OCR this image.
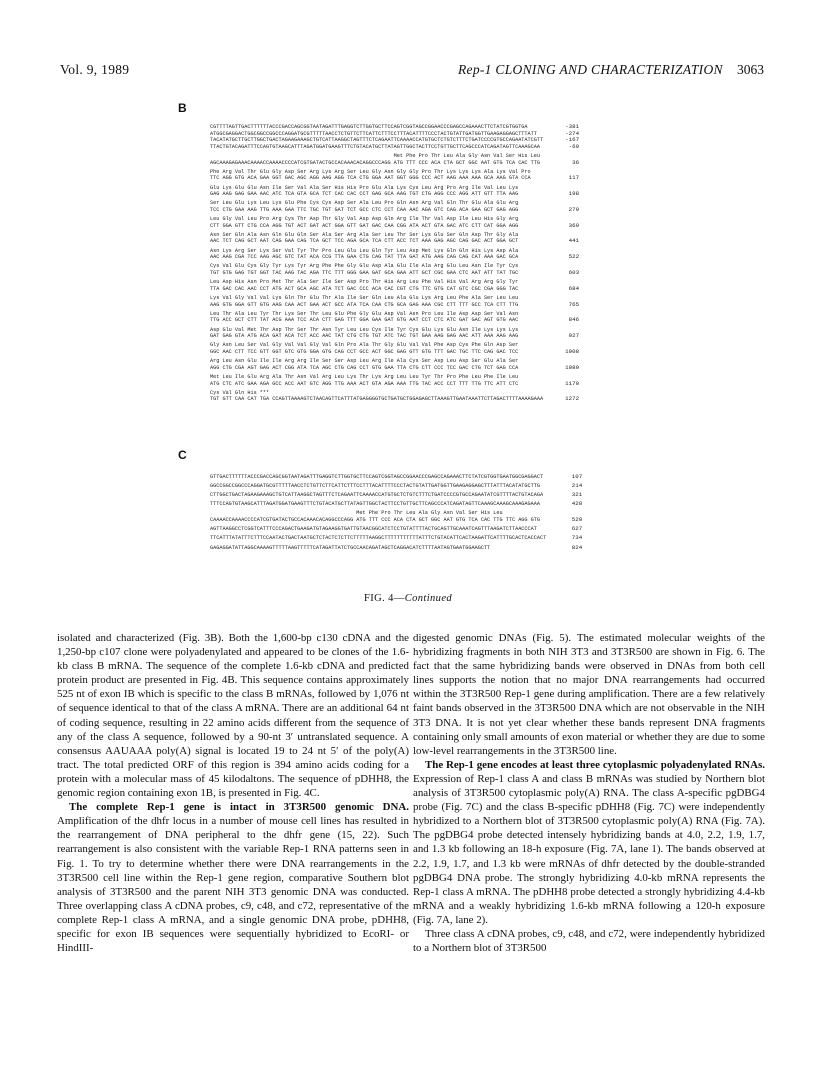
Vol. 9, 1989	Rep-1 CLONING AND CHARACTERIZATION 3063
B
CGTTTTAGTTGACTTTTTTACCCGACCAGCGGTAATAGATTTGAGGTCTTGGTGCTTCCAGTCGGTAGCCGGAACCCGAGCCAGAAACTTCTATCGTGGTGA	-381
ATGGCGAGGACTGGCGGCCGGCCCAGGATGCGTTTTTAACCTCTGTTCTTCATTCTTTCCTTTACATTTTCCCTACTGTATTGATGGTTGAAGAGGAGCTTTATT	-274
TACATATGCTTGCTTGGCTGACTAGAAGAAAGCTGTCATTAAGGCTAGTTTCTCAGAATTCAAAACCATGTGCTCTGTCTTTCTGATCCCCGTGCCAGAATATCGTT	-167
TTACTGTACAGATTTCCAGTGTAAGCATTTAGATGGATGAAGTTTCTGTACATGCTTATAGTTGGCTACTTCCTGTTGCTTCAGCCCATCAGATAGTTCAAAGCAA	-60
Met Phe Pro Thr Leu Ala Gly Asn Val Ser His Leu
AGCAAAGAGAAACAAAACCAAAACCCCATCGTGATACTGCCACAAACACAGGCCCAGG ATG TTT CCC ACA CTA GCT GGC AAT GTG TCA CAC TTG	36
Phe Arg Val Thr Glu Gly Asp Ser Arg Lys Arg Ser Leu Gly Asn Gly Gly Pro Thr Lys Lys Lys Ala Lys Val Pro
TTC AGG GTG ACA GAA GGT GAC AGC AGG AAG AGG TCA CTG GGA AAT GGT GGG CCC ACT AAG AAA AAA GCA AAG GTA CCA	117
Glu Lys Glu Glu Asn Ile Ser Val Ala Ser His His Pro Glu Ala Lys Cys Leu Arg Pro Arg Ile Val Leu Lys
GAG AAG GAG GAA AAC ATC TCA GTA GCA TCT CAC CAC CCT GAG GCA AAG TGT CTG AGG CCC AGG ATT GTT TTA AAG	198
Ser Leu Glu Lys Leu Lys Glu Phe Cys Cys Asp Ser Ala Leu Pro Gln Asn Arg Val Gln Thr Glu Ala Glu Arg
TCC CTG GAA AAG TTG AAA GAA TTC TGC TGT GAT TCT GCC CTC CCT CAA AAC AGA GTC CAG ACA GAA GCT GAG AGG	279
Leu Gly Val Leu Pro Arg Cys Thr Asp Thr Gly Val Asp Asp Gln Arg Ile Thr Val Asp Ile Leu His Gly Arg
CTT GGA GTT CTG CCA AGG TGT ACT GAT ACT GGA GTT GAT GAC CAA CGG ATA ACT GTA GAC ATC CTT CAT GGA AGG	360
Asn Ser Gln Ala Asn Gln Glu Gln Ser Ala Ser Arg Ala Ser Leu Thr Ser Lys Glu Ser Gln Asp Thr Gly Ala
AAC TCT CAG GCT AAT CAG GAA CAG TCA GCT TCC AGA GCA TCA CTT ACC TCT AAA GAG AGC CAG GAC ACT GGA GCT	441
Asn Lys Arg Ser Lys Ser Val Tyr Thr Pro Leu Glu Leu Gln Tyr Leu Asp Met Lys Gln Gln His Lys Asp Ala
AAC AAG CGA TCC AAG AGC GTC TAT ACA CCG TTA GAA CTG CAG TAT TTA GAT ATG AAG CAG CAG CAT AAA GAC GCA	522
Cys Val Glu Cys Gly Tyr Lys Tyr Arg Phe Phe Gly Glu Asp Ala Glu Ile Ala Arg Glu Leu Asn Ile Tyr Cys
TGT GTG GAG TGT GGT TAC AAG TAC AGA TTC TTT GGG GAA GAT GCA GAA ATT GCT CGC GAA CTC AAT ATT TAT TGC	603
Leu Asp His Asn Pro Met Thr Ala Ser Ile Ser Asp Pro Thr His Arg Leu Phe Val His Val Arg Arg Gly Tyr
TTA GAC CAC AAC CCT ATG ACT GCA AGC ATA TCT GAC CCC ACA CAC CGT CTG TTC GTG CAT GTC CGC CGA GGG TAC	684
Lys Val Gly Val Val Lys Gln Thr Glu Thr Ala Ile Ser Gln Leu Ala Glu Lys Arg Leu Phe Ala Ser Leu Leu
AAG GTG GGA GTT GTG AAG CAA ACT GAA ACT GCC ATA TCA CAA CTG GCA GAG AAA CGC CTT TTT GCC TCA CTT TTG	765
Leu Thr Ala Leu Tyr Thr Lys Ser Thr Leu Glu Phe Gly Glu Asp Val Asn Pro Leu Ile Asp Asp Ser Val Asn
TTG ACC GCT CTT TAT ACG AAA TCC ACA CTT GAG TTT GGA GAA GAT GTG AAT CCT CTC ATC GAT GAC AGT GTG AAC	846
Asp Glu Val Met Thr Asp Thr Ser Thr Asn Tyr Leu Leu Cys Ile Tyr Cys Glu Lys Glu Asn Ile Lys Lys Lys
GAT GAG GTA ATG ACA GAT ACA TCT ACC AAC TAT CTG CTG TGT ATC TAC TGT GAA AAG GAG AAC ATT AAA AAG AAG	927
Gly Asn Leu Ser Val Gly Val Val Gly Val Gln Pro Ala Thr Gly Glu Val Val Phe Asp Cys Phe Gln Asp Ser
GGC AAC CTT TCC GTT GGT GTC GTG GGA GTG CAG CCT GCC ACT GGC GAG GTT GTG TTT GAC TGC TTC CAG GAC TCC	1008
Arg Leu Asn Glu Ile Ile Arg Arg Ile Ser Ser Asp Leu Arg Ile Ala Cys Ser Asp Leu Asp Ser Glu Ala Ser
AGG CTG CGA AGT GAG ACT CGG ATA TCA AGC CTG CAG CCT GTG GAA TTA CTG CTT CCC TCC GAC CTG TCT GAG CCA	1089
Met Leu Ile Glu Arg Ala Thr Asn Val Arg Leu Lys Thr Lys Arg Leu Leu Tyr Thr Pro Phe Leu Phe Ile Leu
ATG CTC ATC GAA AGA GCC ACC AAT GTC AGG TTG AAA ACT GTA AGA AAA TTG TAC ACC CCT TTT TTG TTC ATT CTC	1170
Cys Val Gln His ***
TGT GTT CAA CAT TGA CCAGTTAAAAGTCTAACAGTTCATTTATGAGGGGTGCTGATGCTGGAGAGCTTAAAGTTGAATAAATTCTTAGACTTTTAAAAGAAA	1272
C
GTTGACTTTTTTACCCGACCAGCGGTAATAGATTTGAGGTCTTGGTGCTTCCAGTCGGTAGCCGGAACCCGAGCCAGAAACTTCTATCGTGGTGAATGGCGAGGACT	107
GGCCGGCCGGCCCAGGATGCGTTTTTAACCTCTGTTCTTCATTCTTTCCTTTACATTTTCCCTACTGTATTGATGGTTGAAGAGGAGCTTTATTTACATATGCTTG	214
CTTGGCTGACTAGAAGAAAGCTGTCATTAAGGCTAGTTTCTCAGAATTCAAAACCATGTGCTCTGTCTTTCTGATCCCCGTGCCAGAATATCGTTTTACTGTACAGA	321
TTTCCAGTGTAAGCATTTAGATGGATGAAGTTTCTGTACATGCTTATAGTTGGCTACTTCCTGTTGCTTCAGCCCATCAGATAGTTCAAAGCAAAGCAAAGAGAAA	428
Met Phe Pro Thr Leu Ala Gly Asn Val Ser His Leu
CAAAACCAAAACCCCATCGTGATACTGCCACAAACACAGGCCCAGG ATG TTT CCC ACA CTA GCT GGC AAT GTG TCA CAC TTG TTC AGG GTG	520
AGTTAAGGCCTCGGTCATTTCCCAGACTGAAGATGTAGAAGGTGATTGTAACGGCATCTCCTGTATTTTACTGCAGTTGCAAATCAGTTTAAGATCTTAACCCAT	627
TTCATTTATATTTCTTTCCAATACTGACTAATGCTCTACTCTCTTCTTTTTAAGGCTTTTTTTTTTTATTTCTGTACATTCACTAAGATTCATTTTGCACTCACCACT	734
GAGAGGATATTAGGCAAAAGTTTTTAAGTTTTTCATAGATTATCTGCCAACAGATAGCTCAGGACATCTTTTAATAGTGAATGGAAGCTT	824
FIG. 4—Continued

isolated and characterized (Fig. 3B). Both the 1,600-bp c130 cDNA and the 1,250-bp c107 clone were polyadenylated and appeared to be clones of the 1.6-kb class B mRNA. The sequence of the complete 1.6-kb cDNA and predicted protein product are presented in Fig. 4B. This sequence contains approximately 525 nt of exon IB which is specific to the class B mRNAs, followed by 1,076 nt of sequence identical to that of the class A mRNA. There are an additional 64 nt of coding sequence, resulting in 22 amino acids different from the sequence of any of the class A sequence, followed by a 90-nt 3′ untranslated sequence. A consensus AAUAAA poly(A) signal is located 19 to 24 nt 5′ of the poly(A) tract. The total predicted ORF of this region is 394 amino acids coding for a protein with a molecular mass of 45 kilodaltons. The sequence of pDHH8, the genomic region containing exon 1B, is presented in Fig. 4C.

The complete Rep-1 gene is intact in 3T3R500 genomic DNA. Amplification of the dhfr locus in a number of mouse cell lines has resulted in the rearrangement of DNA peripheral to the dhfr gene (15, 22). Such rearrangement is also consistent with the variable Rep-1 RNA patterns seen in Fig. 1. To try to determine whether there were DNA rearrangements in the 3T3R500 cell line within the Rep-1 gene region, comparative Southern blot analysis of 3T3R500 and the parent NIH 3T3 genomic DNA was conducted. Three overlapping class A cDNA probes, c9, c48, and c72, representative of the complete Rep-1 class A mRNA, and a single genomic DNA probe, pDHH8, specific for exon IB sequences were sequentially hybridized to EcoRI- or HindIII-

digested genomic DNAs (Fig. 5). The estimated molecular weights of the hybridizing fragments in both NIH 3T3 and 3T3R500 are shown in Fig. 6. The fact that the same hybridizing bands were observed in DNAs from both cell lines supports the notion that no major DNA rearrangements had occurred within the 3T3R500 Rep-1 gene during amplification. There are a few relatively faint bands observed in the 3T3R500 DNA which are not observable in the NIH 3T3 DNA. It is not yet clear whether these bands represent DNA fragments containing only small amounts of exon material or whether they are due to some low-level rearrangements in the 3T3R500 line.

The Rep-1 gene encodes at least three cytoplasmic polyadenylated RNAs. Expression of Rep-1 class A and class B mRNAs was studied by Northern blot analysis of 3T3R500 cytoplasmic poly(A) RNA. The class A-specific pgDBG4 probe (Fig. 7C) and the class B-specific pDHH8 (Fig. 7C) were independently hybridized to a Northern blot of 3T3R500 cytoplasmic poly(A) RNA (Fig. 7A). The pgDBG4 probe detected intensely hybridizing bands at 4.0, 2.2, 1.9, 1.7, and 1.3 kb following an 18-h exposure (Fig. 7A, lane 1). The bands observed at 2.2, 1.9, 1.7, and 1.3 kb were mRNAs of dhfr detected by the double-stranded pgDBG4 DNA probe. The strongly hybridizing 4.0-kb mRNA represents the Rep-1 class A mRNA. The pDHH8 probe detected a strongly hybridizing 4.4-kb mRNA and a weakly hybridizing 1.6-kb mRNA following a 120-h exposure (Fig. 7A, lane 2).

Three class A cDNA probes, c9, c48, and c72, were independently hybridized to a Northern blot of 3T3R500
